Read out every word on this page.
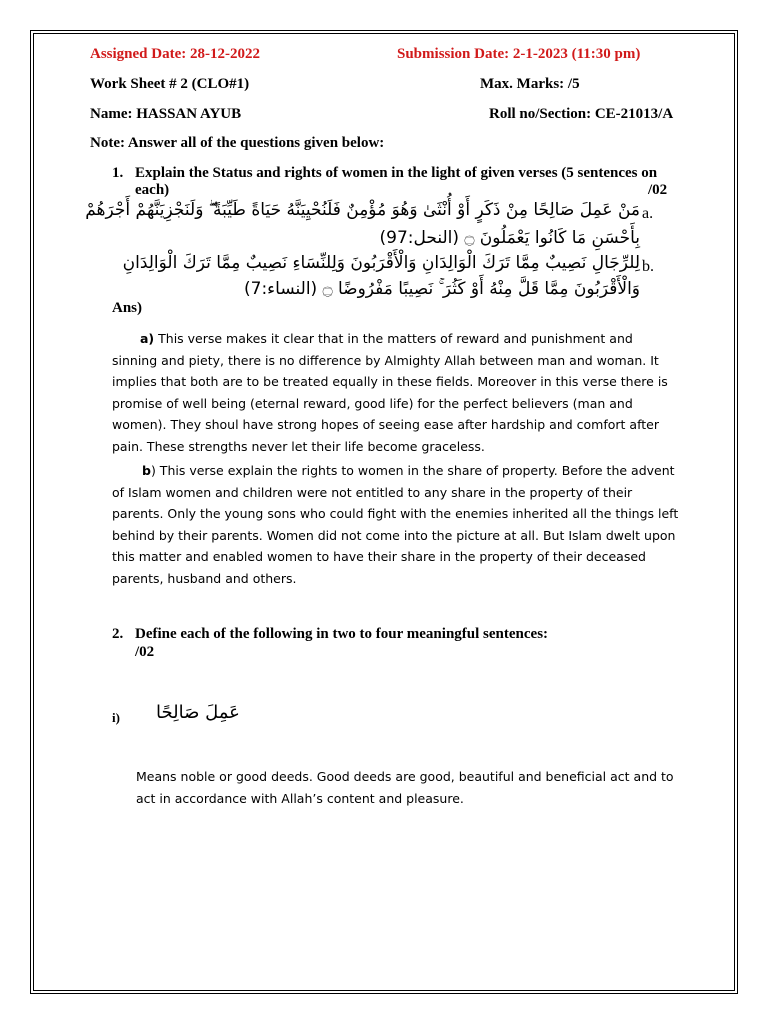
Assigned Date: 28-12-2022	Submission Date: 2-1-2023 (11:30 pm)
Work Sheet # 2 (CLO#1)	Max. Marks: /5
Name: HASSAN AYUB	Roll no/Section: CE-21013/A
Note: Answer all of the questions given below:
1. Explain the Status and rights of women in the light of given verses (5 sentences on
each)	/02
a.
مَنْ عَمِلَ صَالِحًا مِنْ ذَكَرٍ أَوْ أُنْثَىٰ وَهُوَ مُؤْمِنٌ فَلَنُحْيِيَنَّهُ حَيَاةً طَيِّبَةً ۖ وَلَنَجْزِيَنَّهُمْ أَجْرَهُمْ
بِأَحْسَنِ مَا كَانُوا يَعْمَلُونَ ۝ (النحل:97)
b.
لِلرِّجَالِ نَصِيبٌ مِمَّا تَرَكَ الْوَالِدَانِ وَالْأَقْرَبُونَ وَلِلنِّسَاءِ نَصِيبٌ مِمَّا تَرَكَ الْوَالِدَانِ
وَالْأَقْرَبُونَ مِمَّا قَلَّ مِنْهُ أَوْ كَثُرَ ۚ نَصِيبًا مَفْرُوضًا ۝ (النساء:7)
Ans)
a) This verse makes it clear that in the matters of reward and punishment and sinning and piety, there is no difference by Almighty Allah between man and woman. It implies that both are to be treated equally in these fields. Moreover in this verse there is promise of well being (eternal reward, good life) for the perfect believers (man and women). They shoul have strong hopes of seeing ease after hardship and comfort after pain. These strengths never let their life become graceless.
b) This verse explain the rights to women in the share of property. Before the advent of Islam women and children were not entitled to any share in the property of their parents. Only the young sons who could fight with the enemies inherited all the things left behind by their parents. Women did not come into the picture at all. But Islam dwelt upon this matter and enabled women to have their share in the property of their deceased parents, husband and others.
2. Define each of the following in two to four meaningful sentences:
/02
i) عَمِلَ صَالِحًا
Means noble or good deeds. Good deeds are good, beautiful and beneficial act and to act in accordance with Allah’s content and pleasure.
